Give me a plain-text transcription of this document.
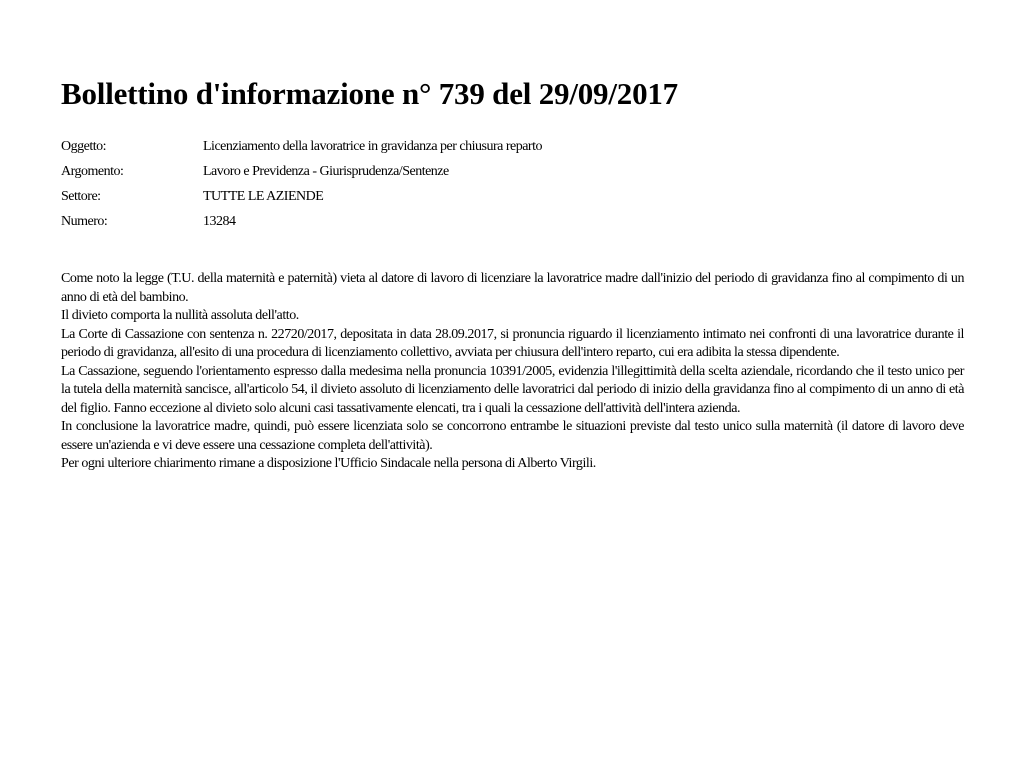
Bollettino d'informazione n° 739 del 29/09/2017
Oggetto:	Licenziamento della lavoratrice in gravidanza per chiusura reparto
Argomento:	Lavoro e Previdenza - Giurisprudenza/Sentenze
Settore:	TUTTE LE AZIENDE
Numero:	13284

Come noto la legge (T.U. della maternità e paternità) vieta al datore di lavoro di licenziare la lavoratrice madre dall'inizio del periodo di gravidanza fino al compimento di un anno di età del bambino.

Il divieto comporta la nullità assoluta dell'atto.

La Corte di Cassazione con sentenza n. 22720/2017, depositata in data 28.09.2017, si pronuncia riguardo il licenziamento intimato nei confronti di una lavoratrice durante il periodo di gravidanza, all'esito di una procedura di licenziamento collettivo, avviata per chiusura dell'intero reparto, cui era adibita la stessa dipendente.

La Cassazione, seguendo l'orientamento espresso dalla medesima nella pronuncia 10391/2005, evidenzia l'illegittimità della scelta aziendale, ricordando che il testo unico per la tutela della maternità sancisce, all'articolo 54, il divieto assoluto di licenziamento delle lavoratrici dal periodo di inizio della gravidanza fino al compimento di un anno di età del figlio. Fanno eccezione al divieto solo alcuni casi tassativamente elencati, tra i quali la cessazione dell'attività dell'intera azienda.

In conclusione la lavoratrice madre, quindi, può essere licenziata solo se concorrono entrambe le situazioni previste dal testo unico sulla maternità (il datore di lavoro deve essere un'azienda e vi deve essere una cessazione completa dell'attività).

Per ogni ulteriore chiarimento rimane a disposizione l'Ufficio Sindacale nella persona di Alberto Virgili.
